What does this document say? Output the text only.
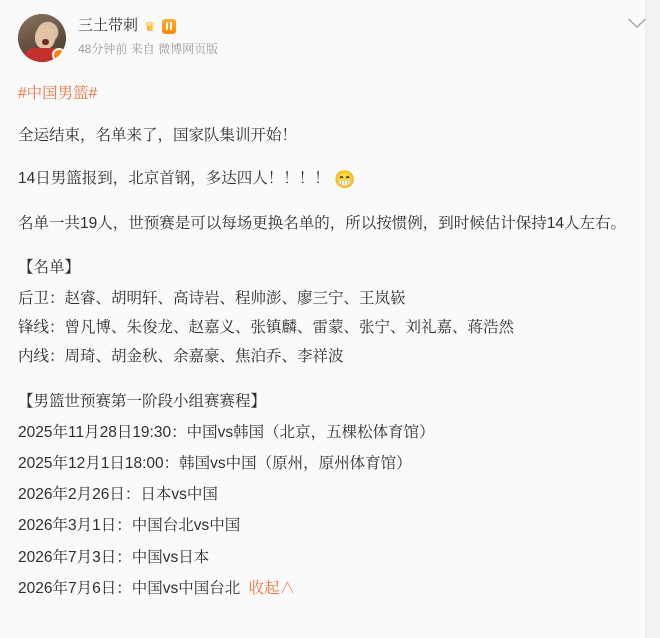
三土带刺 ♛
48分钟前 来自 微博网页版
#中国男篮#

全运结束，名单来了，国家队集训开始！

14日男篮报到，北京首钢，多达四人！！！！ 😁

名单一共19人，世预赛是可以每场更换名单的，所以按惯例，到时候估计保持14人左右。

【名单】

后卫：赵睿、胡明轩、高诗岩、程帅澎、廖三宁、王岚嵚

锋线：曾凡博、朱俊龙、赵嘉义、张镇麟、雷蒙、张宁、刘礼嘉、蒋浩然

内线：周琦、胡金秋、余嘉豪、焦泊乔、李祥波

【男篮世预赛第一阶段小组赛赛程】

2025年11月28日19:30：中国vs韩国（北京，五棵松体育馆）

2025年12月1日18:00：韩国vs中国（原州，原州体育馆）

2026年2月26日：日本vs中国

2026年3月1日：中国台北vs中国

2026年7月3日：中国vs日本

2026年7月6日：中国vs中国台北 收起∧
